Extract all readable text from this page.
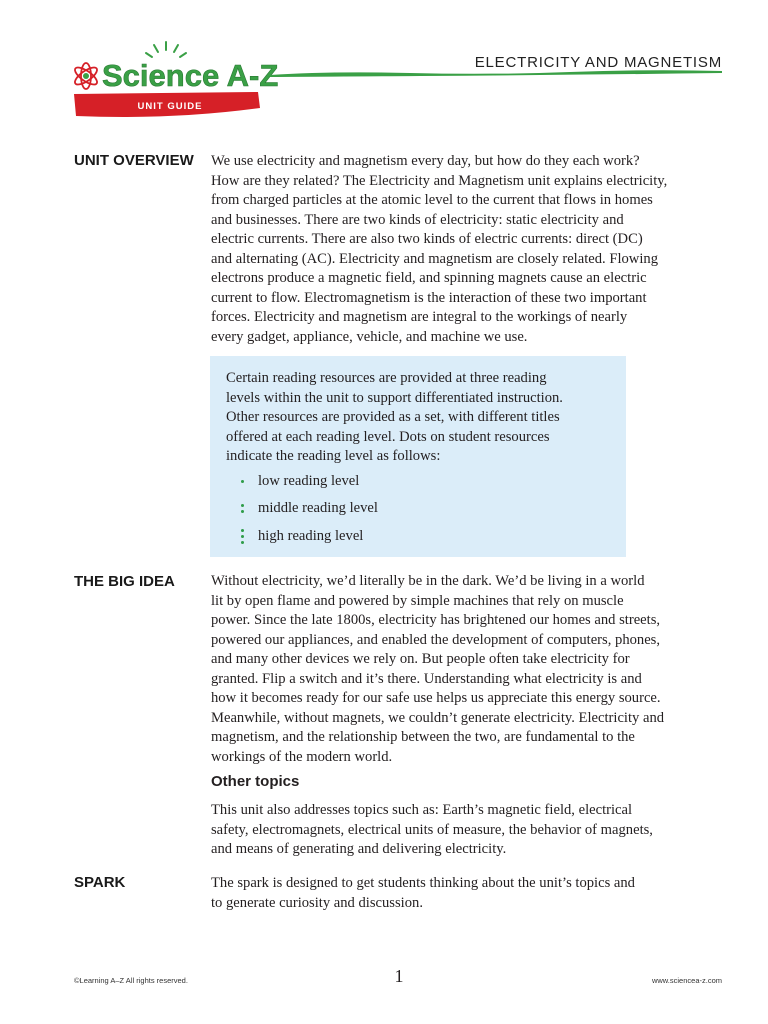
Science A-Z
UNIT GUIDE
ELECTRICITY AND MAGNETISM
UNIT OVERVIEW We use electricity and magnetism every day, but how do they each work?
How are they related? The Electricity and Magnetism unit explains electricity,
from charged particles at the atomic level to the current that flows in homes
and businesses. There are two kinds of electricity: static electricity and
electric currents. There are also two kinds of electric currents: direct (DC)
and alternating (AC). Electricity and magnetism are closely related. Flowing
electrons produce a magnetic field, and spinning magnets cause an electric
current to flow. Electromagnetism is the interaction of these two important
forces. Electricity and magnetism are integral to the workings of nearly
every gadget, appliance, vehicle, and machine we use.
Certain reading resources are provided at three reading
levels within the unit to support differentiated instruction.
Other resources are provided as a set, with different titles
offered at each reading level. Dots on student resources
indicate the reading level as follows:
low reading level
middle reading level
high reading level
THE BIG IDEA Without electricity, we’d literally be in the dark. We’d be living in a world
lit by open flame and powered by simple machines that rely on muscle
power. Since the late 1800s, electricity has brightened our homes and streets,
powered our appliances, and enabled the development of computers, phones,
and many other devices we rely on. But people often take electricity for
granted. Flip a switch and it’s there. Understanding what electricity is and
how it becomes ready for our safe use helps us appreciate this energy source.
Meanwhile, without magnets, we couldn’t generate electricity. Electricity and
magnetism, and the relationship between the two, are fundamental to the
workings of the modern world.
Other topics
This unit also addresses topics such as: Earth’s magnetic field, electrical
safety, electromagnets, electrical units of measure, the behavior of magnets,
and means of generating and delivering electricity.
SPARK	The spark is designed to get students thinking about the unit’s topics and
to generate curiosity and discussion.
©Learning A–Z All rights reserved.	1	www.sciencea-z.com
